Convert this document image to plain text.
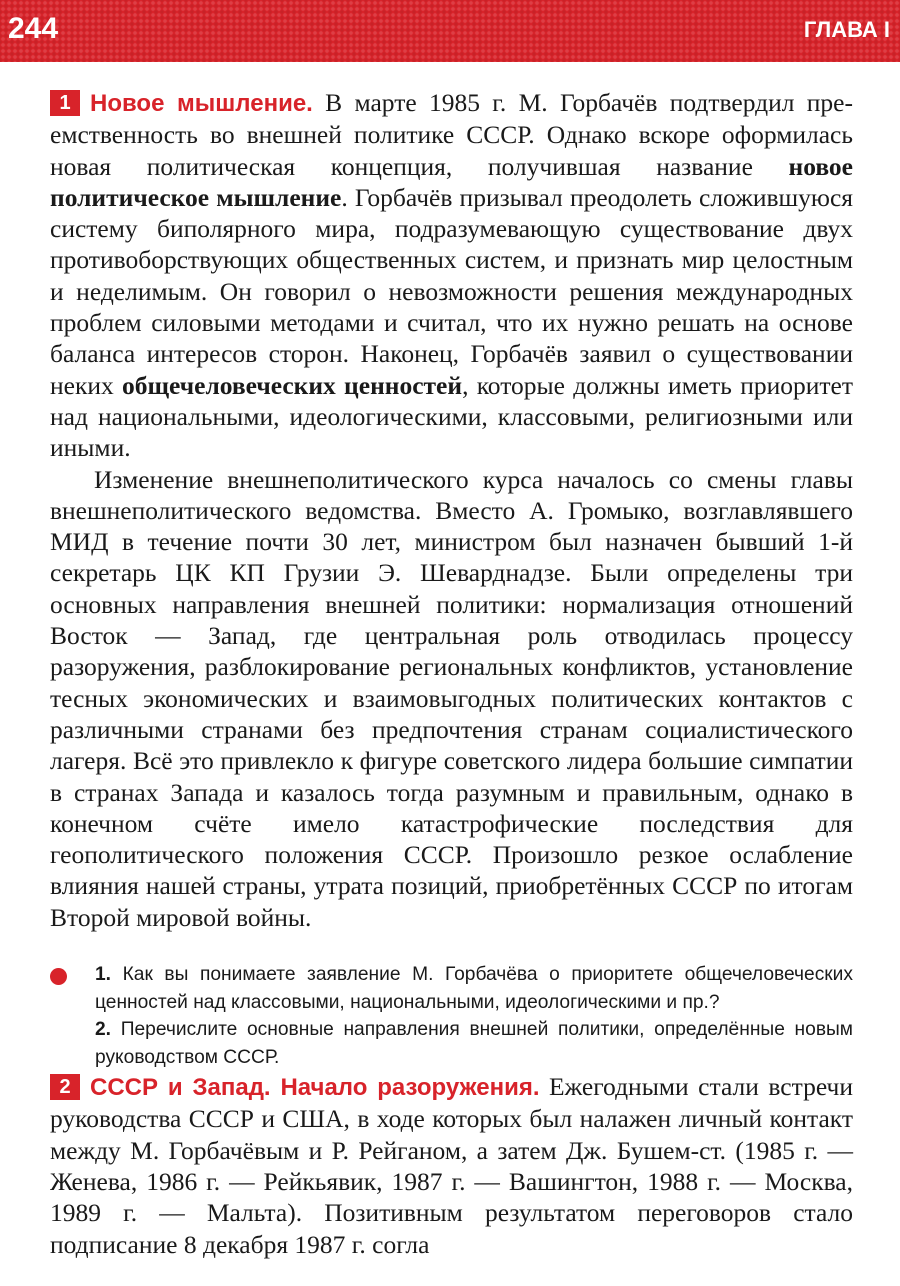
244	ГЛАВА I

1 Новое мышление. В марте 1985 г. М. Горбачёв подтвердил преемственность во внешней политике СССР. Однако вскоре оформилась новая политическая концепция, получившая название новое политическое мышление. Горбачёв призывал преодолеть сложившуюся систему биполярного мира, подразумевающую существование двух противоборствующих общественных систем, и признать мир целостным и неделимым. Он говорил о невозможности решения международных проблем силовыми методами и считал, что их нужно решать на основе баланса интересов сторон. Наконец, Горбачёв заявил о существовании неких общечеловеческих ценностей, которые должны иметь приоритет над национальными, идеологическими, классовыми, религиозными или иными.

Изменение внешнеполитического курса началось со смены главы внешнеполитического ведомства. Вместо А. Громыко, возглавлявшего МИД в течение почти 30 лет, министром был назначен бывший 1-й секретарь ЦК КП Грузии Э. Шеварднадзе. Были определены три основных направления внешней политики: нормализация отношений Восток — Запад, где центральная роль отводилась процессу разоружения, разблокирование региональных конфликтов, установление тесных экономических и взаимовыгодных политических контактов с различными странами без предпочтения странам социалистического лагеря. Всё это привлекло к фигуре советского лидера большие симпатии в странах Запада и казалось тогда разумным и правильным, однако в конечном счёте имело катастрофические последствия для геополитического положения СССР. Произошло резкое ослабление влияния нашей страны, утрата позиций, приобретённых СССР по итогам Второй мировой войны.

1. Как вы понимаете заявление М. Горбачёва о приоритете общечеловеческих ценностей над классовыми, национальными, идеологическими и пр.?

2. Перечислите основные направления внешней политики, определённые новым руководством СССР.

2 СССР и Запад. Начало разоружения. Ежегодными стали встречи руководства СССР и США, в ходе которых был налажен личный контакт между М. Горбачёвым и Р. Рейганом, а затем Дж. Бушем-ст. (1985 г. — Женева, 1986 г. — Рейкьявик, 1987 г. — Вашингтон, 1988 г. — Москва, 1989 г. — Мальта). Позитивным результатом переговоров стало подписание 8 декабря 1987 г. согла
